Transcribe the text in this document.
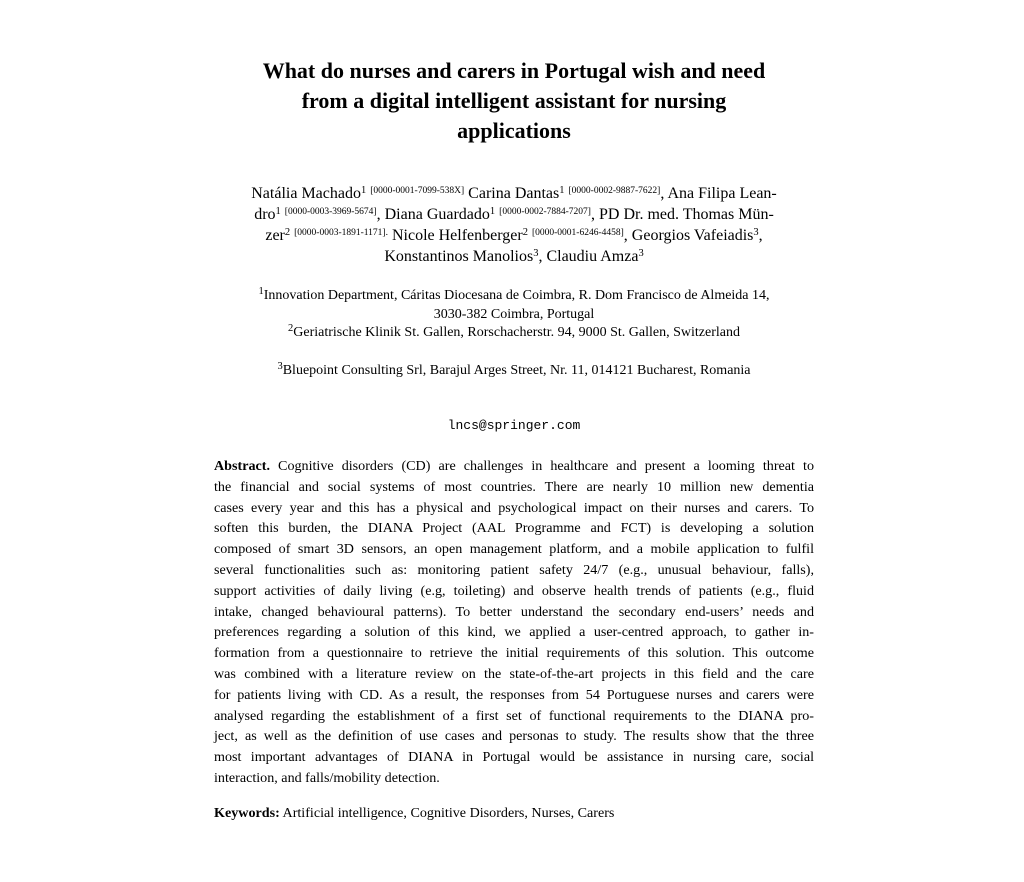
What do nurses and carers in Portugal wish and need
from a digital intelligent assistant for nursing
applications
Natália Machado$^1$ [0000-0001-7099-538X] Carina Dantas$^1$ [0000-0002-9887-7622], Ana Filipa Lean-
dro$^1$ [0000-0003-3969-5674], Diana Guardado$^1$ [0000-0002-7884-7207], PD Dr. med. Thomas Mün-
zer$^2$ $^{[0000-0003-1891-1171].}$ Nicole Helfenberger$^2$ [0000-0001-6246-4458], Georgios Vafeiadis$^3$,
Konstantinos Manolios$^3$, Claudiu Amza$^3$
$^1$Innovation Department, Cáritas Diocesana de Coimbra, R. Dom Francisco de Almeida 14,
3030-382 Coimbra, Portugal
$^2$Geriatrische Klinik St. Gallen, Rorschacherstr. 94, 9000 St. Gallen, Switzerland
$^3$Bluepoint Consulting Srl, Barajul Arges Street, Nr. 11, 014121 Bucharest, Romania
lncs@springer.com
Abstract. Cognitive disorders (CD) are challenges in healthcare and present a looming threat to
the financial and social systems of most countries. There are nearly 10 million new dementia
cases every year and this has a physical and psychological impact on their nurses and carers. To
soften this burden, the DIANA Project (AAL Programme and FCT) is developing a solution
composed of smart 3D sensors, an open management platform, and a mobile application to fulfil
several functionalities such as: monitoring patient safety 24/7 (e.g., unusual behaviour, falls),
support activities of daily living (e.g, toileting) and observe health trends of patients (e.g., fluid
intake, changed behavioural patterns). To better understand the secondary end-users’ needs and
preferences regarding a solution of this kind, we applied a user-centred approach, to gather in-
formation from a questionnaire to retrieve the initial requirements of this solution. This outcome
was combined with a literature review on the state-of-the-art projects in this field and the care
for patients living with CD. As a result, the responses from 54 Portuguese nurses and carers were
analysed regarding the establishment of a first set of functional requirements to the DIANA pro-
ject, as well as the definition of use cases and personas to study. The results show that the three
most important advantages of DIANA in Portugal would be assistance in nursing care, social
interaction, and falls/mobility detection.
Keywords: Artificial intelligence, Cognitive Disorders, Nurses, Carers
